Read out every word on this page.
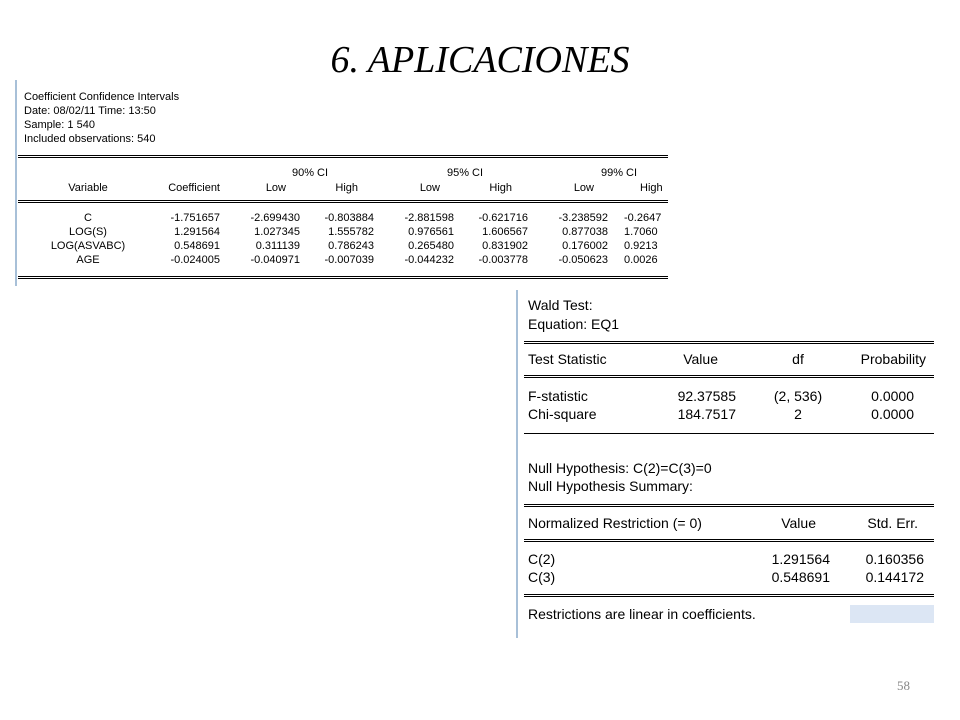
6. APLICACIONES
Coefficient Confidence Intervals
Date: 08/02/11 Time: 13:50
Sample: 1 540
Included observations: 540
90% CI	95% CI	99% CI
Variable	Coefficient	Low	High	Low	High	Low	High
C	-1.751657	-2.699430	-0.803884	-2.881598	-0.621716	-3.238592 -0.2647
LOG(S)	1.291564	1.027345	1.555782	0.976561	1.606567	0.877038 1.7060
LOG(ASVABC)	0.548691	0.311139	0.786243	0.265480	0.831902	0.176002 0.9213
AGE	-0.024005	-0.040971	-0.007039	-0.044232	-0.003778	-0.050623 0.0026
Wald Test:
Equation: EQ1
Test Statistic	Value	df	Probability
F-statistic	92.37585	(2, 536)	0.0000
Chi-square	184.7517	2	0.0000
Null Hypothesis: C(2)=C(3)=0
Null Hypothesis Summary:
Normalized Restriction (= 0)	Value	Std. Err.
C(2)	1.291564	0.160356
C(3)	0.548691	0.144172
Restrictions are linear in coefficients.
58
